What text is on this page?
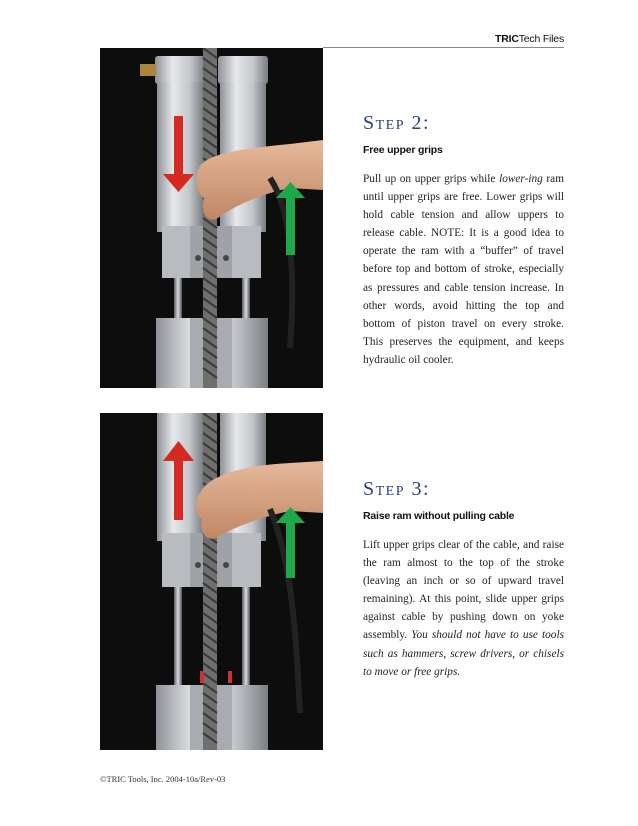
TRICTech Files
Step 2:
Free upper grips

Pull up on upper grips while lower-ing ram until upper grips are free. Lower grips will hold cable tension and allow uppers to release cable. NOTE: It is a good idea to operate the ram with a “buffer” of travel before top and bottom of stroke, especially as pressures and cable tension increase. In other words, avoid hitting the top and bottom of piston travel on every stroke. This preserves the equipment, and keeps hydraulic oil cooler.

Step 3:
Raise ram without pulling cable

Lift upper grips clear of the cable, and raise the ram almost to the top of the stroke (leaving an inch or so of upward travel remaining). At this point, slide upper grips against cable by pushing down on yoke assembly. You should not have to use tools such as hammers, screw drivers, or chisels to move or free grips.

©TRIC Tools, Inc. 2004-10a/Rev-03
